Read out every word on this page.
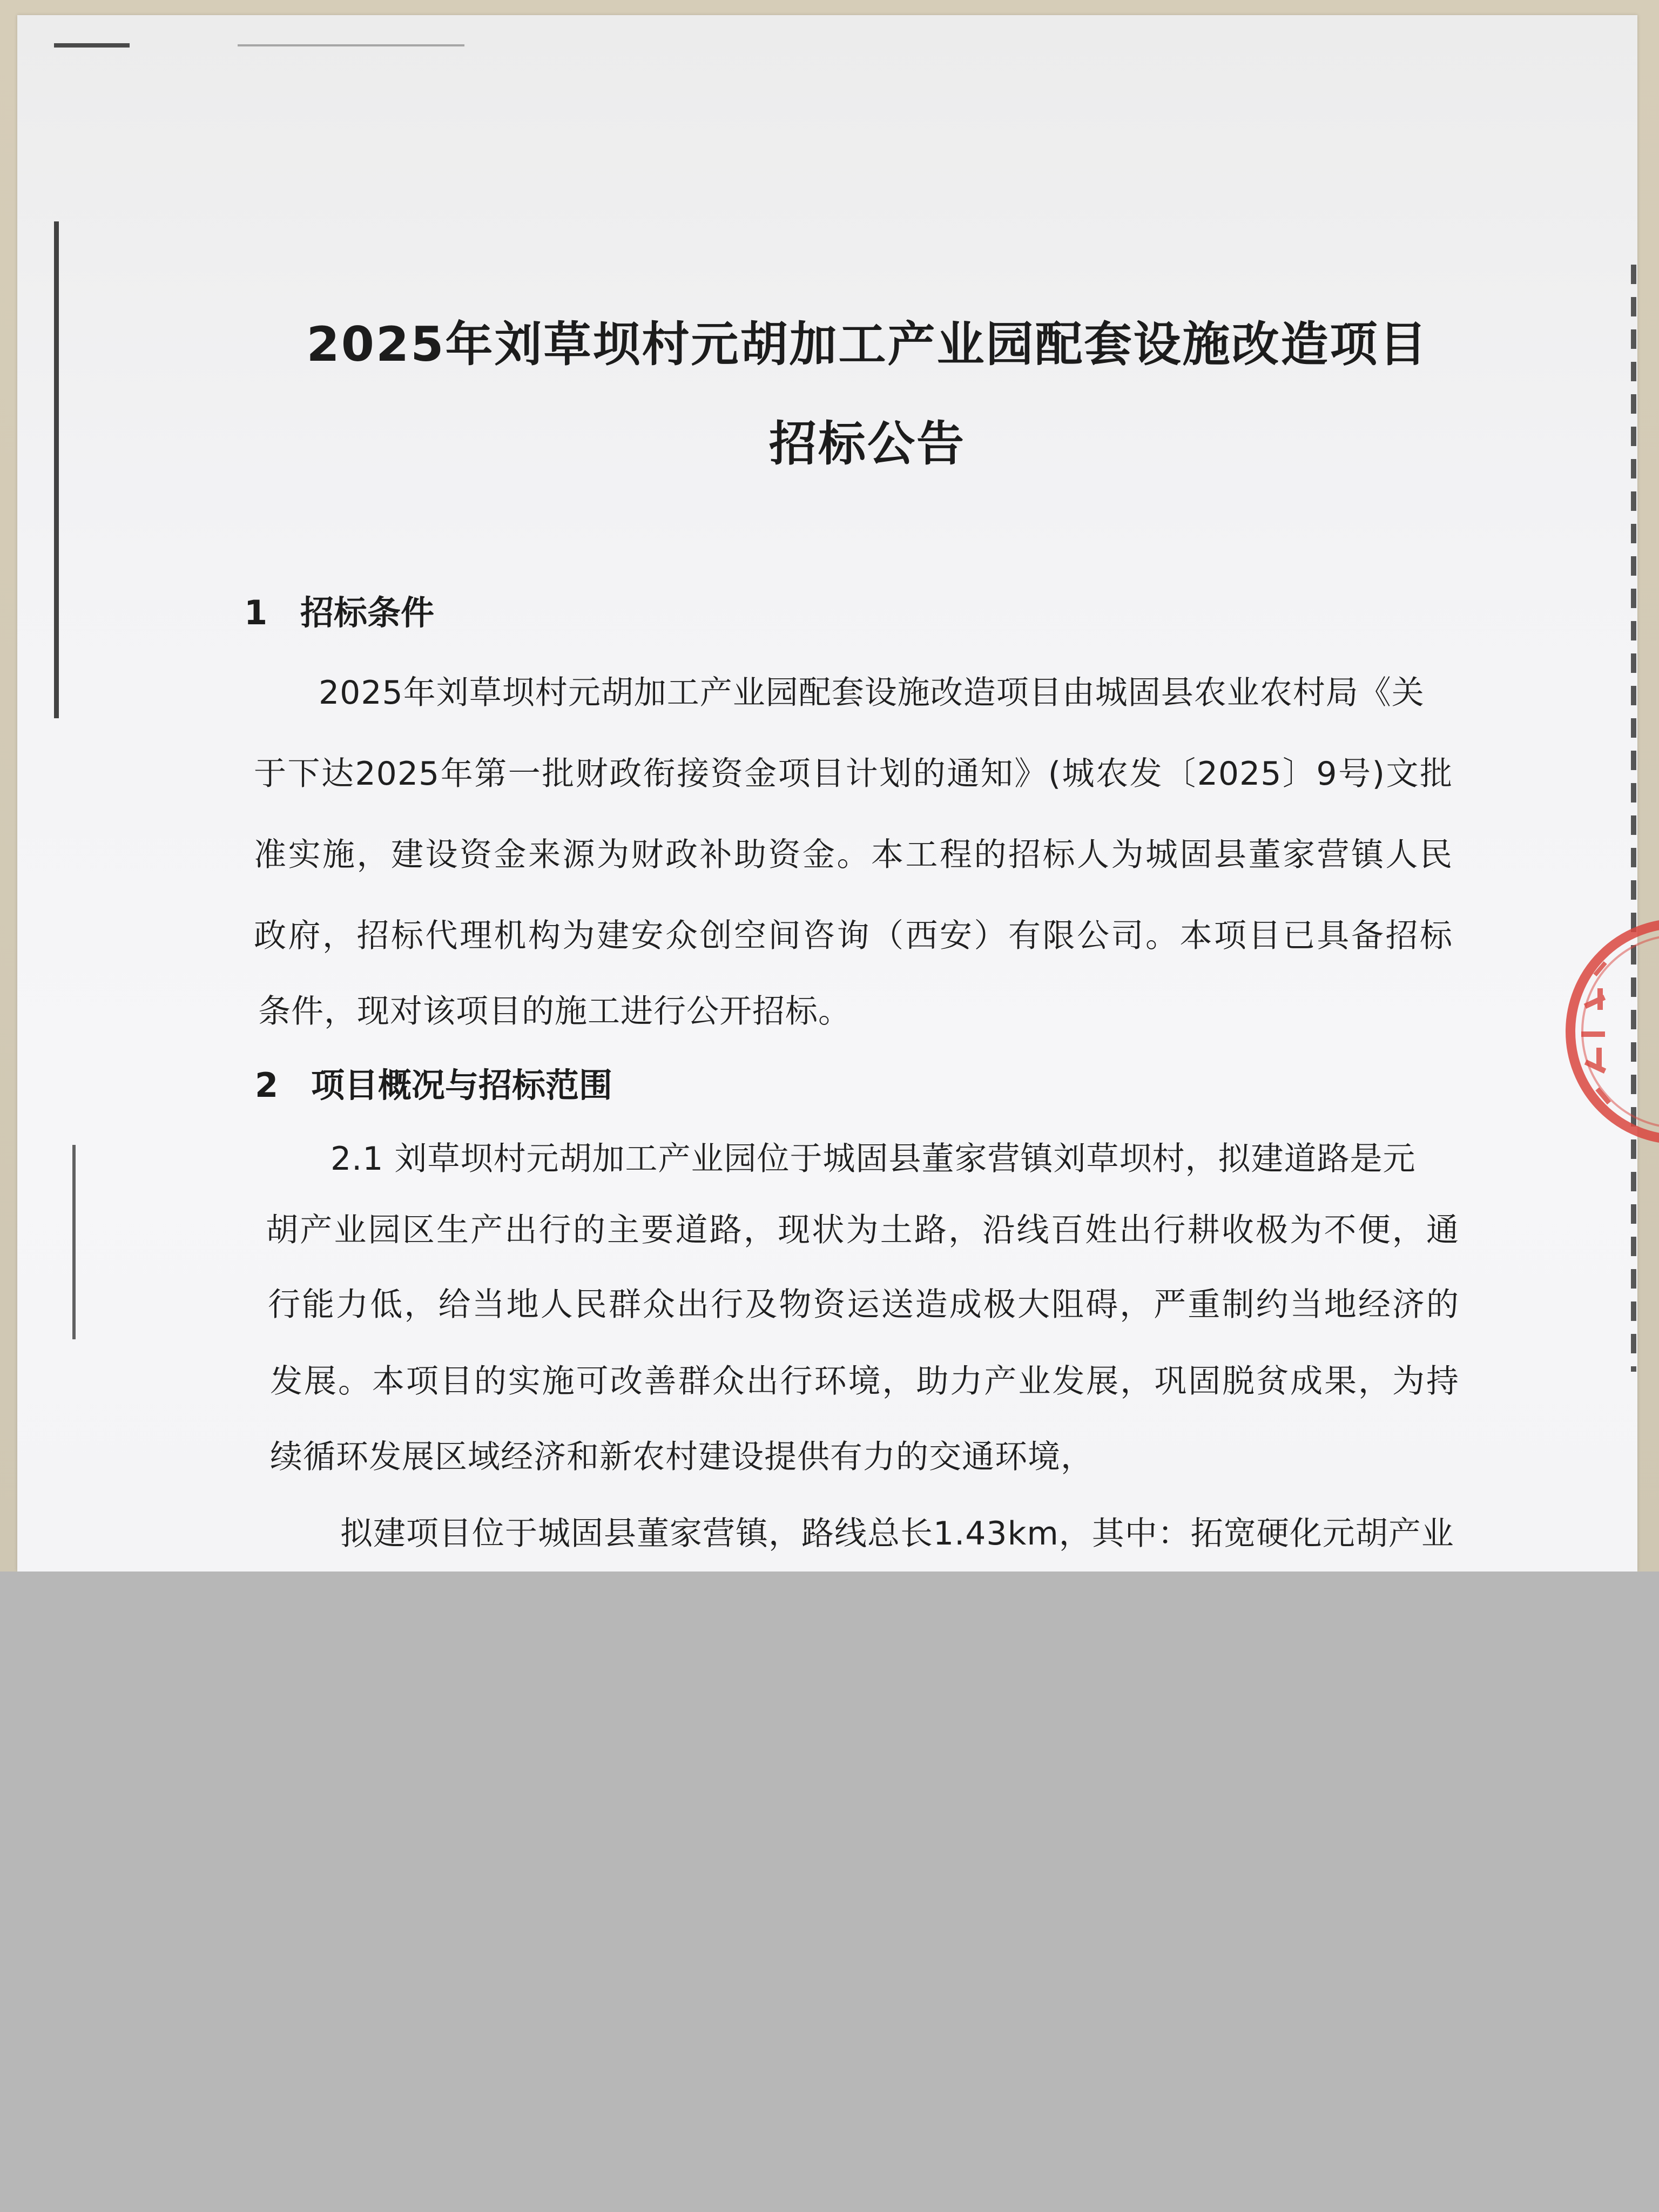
2025年刘草坝村元胡加工产业园配套设施改造项目
招标公告
1 招标条件
2025年刘草坝村元胡加工产业园配套设施改造项目由城固县农业农村局《关
于下达2025年第一批财政衔接资金项目计划的通知》(城农发〔2025〕9号)文批
准实施，建设资金来源为财政补助资金。本工程的招标人为城固县董家营镇人民
政府，招标代理机构为建安众创空间咨询（西安）有限公司。本项目已具备招标
条件，现对该项目的施工进行公开招标。
2 项目概况与招标范围
2.1 刘草坝村元胡加工产业园位于城固县董家营镇刘草坝村，拟建道路是元
胡产业园区生产出行的主要道路，现状为土路，沿线百姓出行耕收极为不便，通
行能力低，给当地人民群众出行及物资运送造成极大阻碍，严重制约当地经济的
发展。本项目的实施可改善群众出行环境，助力产业发展，巩固脱贫成果，为持
续循环发展区域经济和新农村建设提供有力的交通环境，
拟建项目位于城固县董家营镇，路线总长1.43km，其中：拓宽硬化元胡产业
